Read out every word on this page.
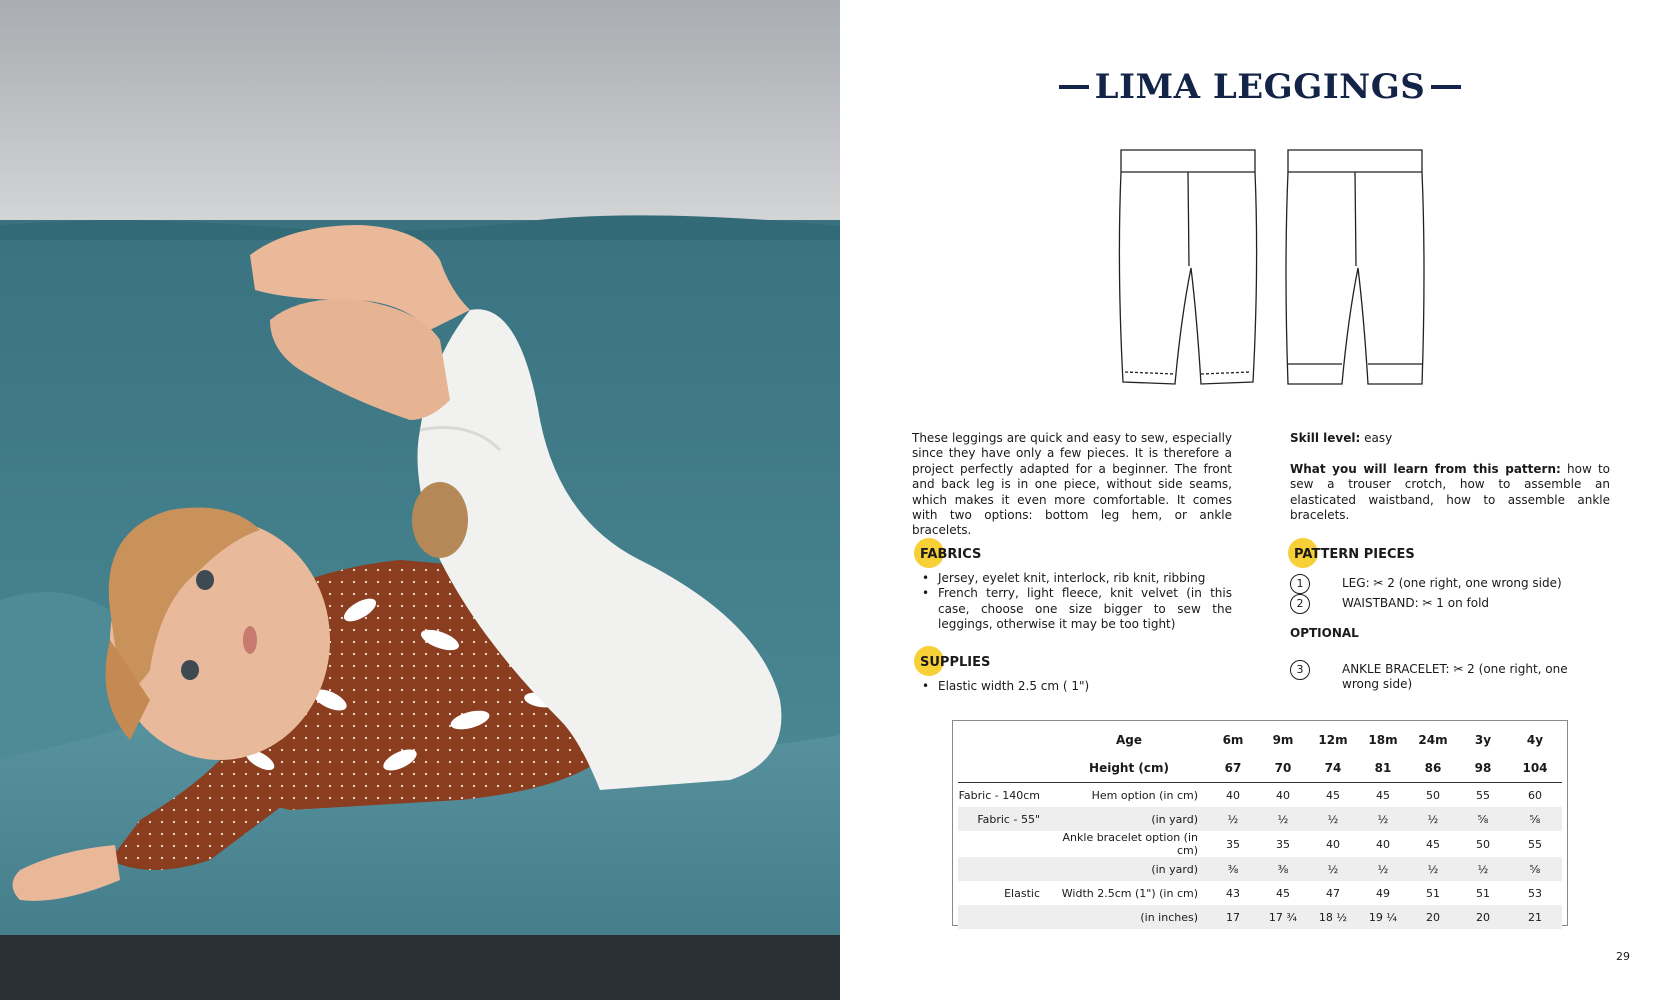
LIMA LEGGINGS
These leggings are quick and easy to sew, especially since they have only a few pieces. It is therefore a project perfectly adapted for a beginner. The front and back leg is in one piece, without side seams, which makes it even more comfortable. It comes with two options: bottom leg hem, or ankle bracelets.
Skill level: easy
What you will learn from this pattern: how to sew a trouser crotch, how to assemble an elasticated waistband, how to assemble ankle bracelets.
FABRICS
• Jersey, eyelet knit, interlock, rib knit, ribbing
• French terry, light fleece, knit velvet (in this case, choose one size bigger to sew the leggings, otherwise it may be too tight)
SUPPLIES
• Elastic width 2.5 cm ( 1")
PATTERN PIECES
1	LEG: ✂ 2 (one right, one wrong side)
2	WAISTBAND: ✂ 1 on fold
OPTIONAL
3	ANKLE BRACELET: ✂ 2 (one right, one wrong side)
	Age	6m	9m	12m	18m	24m	3y	4y
	Height (cm)	67	70	74	81	86	98	104
Fabric - 140cm	Hem option (in cm)	40	40	45	45	50	55	60
Fabric - 55"	(in yard)	½	½	½	½	½	⅝	⅝
	Ankle bracelet option (in cm)	35	35	40	40	45	50	55
	(in yard)	⅜	⅜	½	½	½	½	⅝
Elastic	Width 2.5cm (1") (in cm)	43	45	47	49	51	51	53
	(in inches)	17	17 ¾	18 ½	19 ¼	20	20	21
29
